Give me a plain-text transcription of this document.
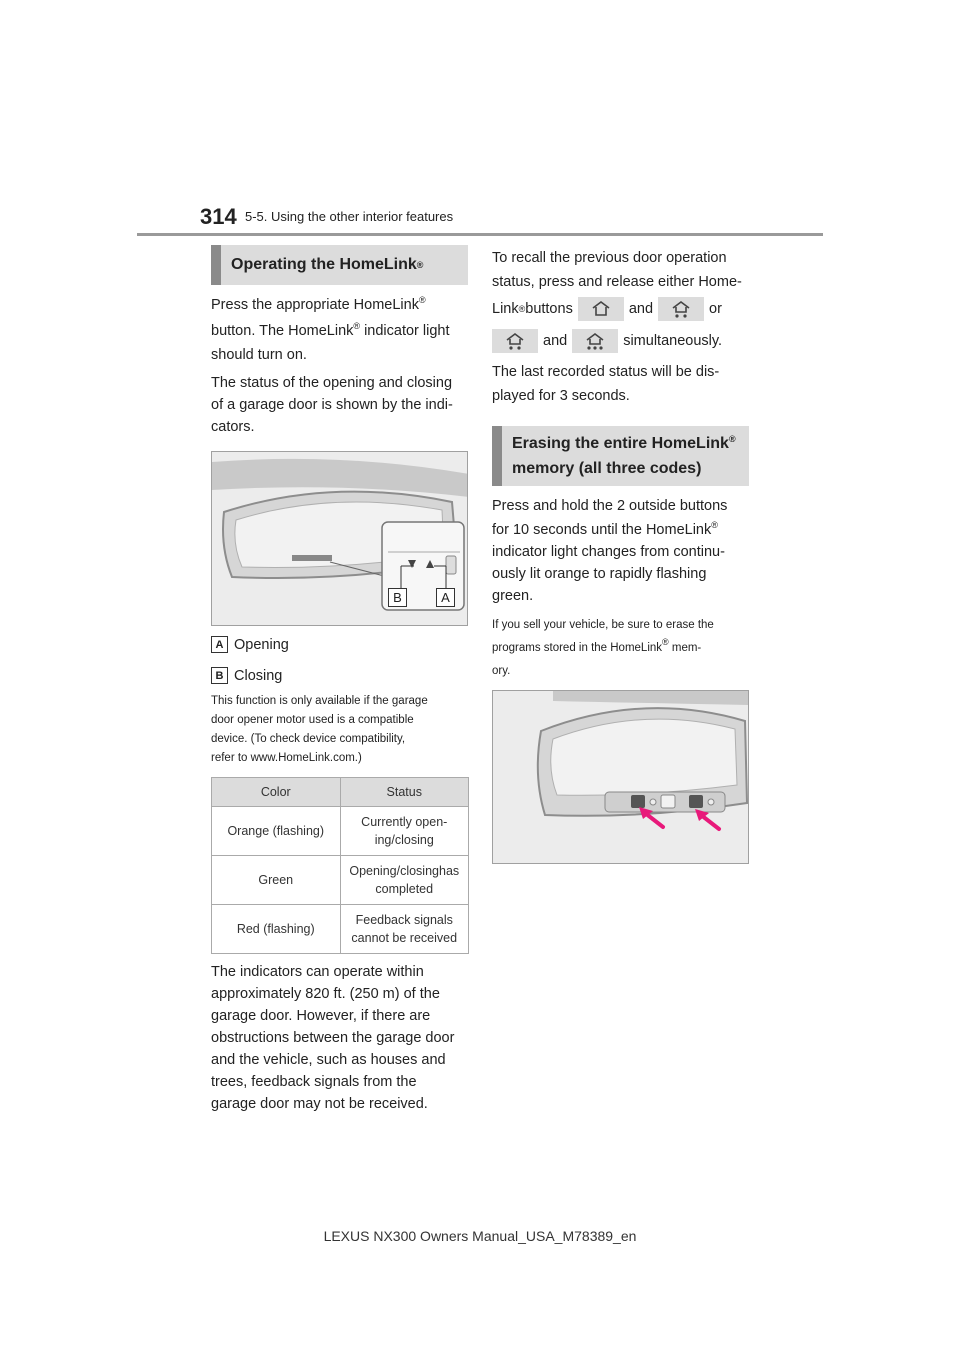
314 5-5. Using the other interior features
Operating the HomeLink ®
Press the appropriate HomeLink®
button. The HomeLink® indicator light
should turn on.
The status of the opening and closing
of a garage door is shown by the indi-
cators.
B	A
A Opening
B Closing
This function is only available if the garage
door opener motor used is a compatible
device. (To check device compatibility,
refer to www.HomeLink.com.)
Color	Status
Orange (flashing)	Currently open-
ing/closing

Green	Opening/closinghas
completed

Red (flashing)	Feedback signals
cannot be received
The indicators can operate within
approximately 820 ft. (250 m) of the
garage door. However, if there are
obstructions between the garage door
and the vehicle, such as houses and
trees, feedback signals from the
garage door may not be received.
To recall the previous door operation
status, press and release either Home-
Link ® buttons	and	or
and	simultaneously.
The last recorded status will be dis-
played for 3 seconds.
Erasing the entire HomeLink®
memory (all three codes)
Press and hold the 2 outside buttons
for 10 seconds until the HomeLink®
indicator light changes from continu-
ously lit orange to rapidly flashing
green.
If you sell your vehicle, be sure to erase the
programs stored in the HomeLink® mem-
ory.
LEXUS NX300 Owners Manual_USA_M78389_en
